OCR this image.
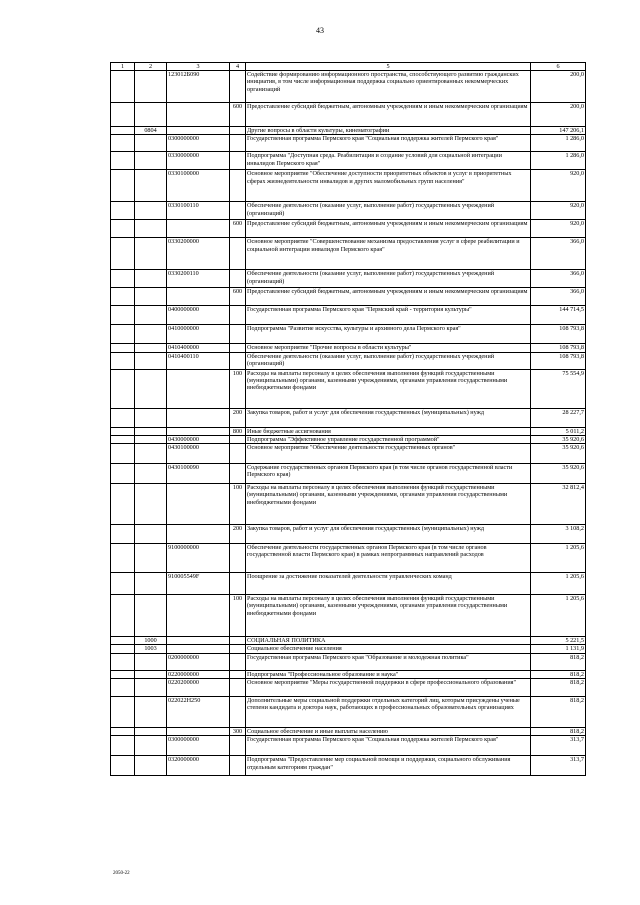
43
1	2	3	4	5	6
		123012Б090		Содействие формированию информационного пространства, способствующего развитию гражданских инициатив, в том числе информационная поддержка социально ориентированных некоммерческих организаций	200,0
			600	Предоставление субсидий бюджетным, автономным учреждениям и иным некоммерческим организациям	200,0
	0804			Другие вопросы в области культуры, кинематографии	147 206,1
		0300000000		Государственная программа Пермского края "Социальная поддержка жителей Пермского края"	1 286,0
		0330000000		Подпрограмма "Доступная среда. Реабилитация и создание условий для социальной интеграции инвалидов Пермского края"	1 286,0
		0330100000		Основное мероприятие "Обеспечение доступности приоритетных объектов и услуг в приоритетных сферах жизнедеятельности инвалидов и других маломобильных групп населения"	920,0
		0330100110		Обеспечение деятельности (оказание услуг, выполнение работ) государственных учреждений (организаций)	920,0
			600	Предоставление субсидий бюджетным, автономным учреждениям и иным некоммерческим организациям	920,0
		0330200000		Основное мероприятие "Совершенствование механизма предоставления услуг в сфере реабилитации и социальной интеграции инвалидов Пермского края"	366,0
		0330200110		Обеспечение деятельности (оказание услуг, выполнение работ) государственных учреждений (организаций)	366,0
			600	Предоставление субсидий бюджетным, автономным учреждениям и иным некоммерческим организациям	366,0
		0400000000		Государственная программа Пермского края "Пермский край - территория культуры"	144 714,5
		0410000000		Подпрограмма "Развитие искусства, культуры и архивного дела Пермского края"	108 793,8
		0410400000		Основное мероприятие "Прочие вопросы в области культуры"	108 793,8
		0410400110		Обеспечение деятельности (оказание услуг, выполнение работ) государственных учреждений (организаций)	108 793,8
			100	Расходы на выплаты персоналу в целях обеспечения выполнения функций государственными (муниципальными) органами, казенными учреждениями, органами управления государственными внебюджетными фондами	75 554,9
			200	Закупка товаров, работ и услуг для обеспечения государственных (муниципальных) нужд	28 227,7
			800	Иные бюджетные ассигнования	5 011,2
		0430000000		Подпрограмма "Эффективное управление государственной программой"	35 920,6
		0430100000		Основное мероприятие "Обеспечение деятельности государственных органов"	35 920,6
		0430100090		Содержание государственных органов Пермского края (в том числе органов государственной власти Пермского края)	35 920,6
			100	Расходы на выплаты персоналу в целях обеспечения выполнения функций государственными (муниципальными) органами, казенными учреждениями, органами управления государственными внебюджетными фондами	32 812,4
			200	Закупка товаров, работ и услуг для обеспечения государственных (муниципальных) нужд	3 108,2
		9100000000		Обеспечение деятельности государственных органов Пермского края (в том числе органов государственной власти Пермского края) в рамках непрограммных направлений расходов	1 205,6
		910005549F		Поощрение за достижение показателей деятельности управленческих команд	1 205,6
			100	Расходы на выплаты персоналу в целях обеспечения выполнения функций государственными (муниципальными) органами, казенными учреждениями, органами управления государственными внебюджетными фондами	1 205,6
	1000			СОЦИАЛЬНАЯ ПОЛИТИКА	5 221,5
	1003			Социальное обеспечение населения	1 131,9
		0200000000		Государственная программа Пермского края "Образование и молодежная политика"	818,2
		0220000000		Подпрограмма "Профессиональное образование и наука"	818,2
		0220200000		Основное мероприятие "Меры государственной поддержки в сфере профессионального образования"	818,2
		022022Н250		Дополнительные меры социальной поддержки отдельных категорий лиц, которым присуждены ученые степени кандидата и доктора наук, работающих в профессиональных образовательных организациях	818,2
			300	Социальное обеспечение и иные выплаты населению	818,2
		0300000000		Государственная программа Пермского края "Социальная поддержка жителей Пермского края"	313,7
		0320000000		Подпрограмма "Предоставление мер социальной помощи и поддержки, социального обслуживания отдельным категориям граждан"	313,7
2050-22
